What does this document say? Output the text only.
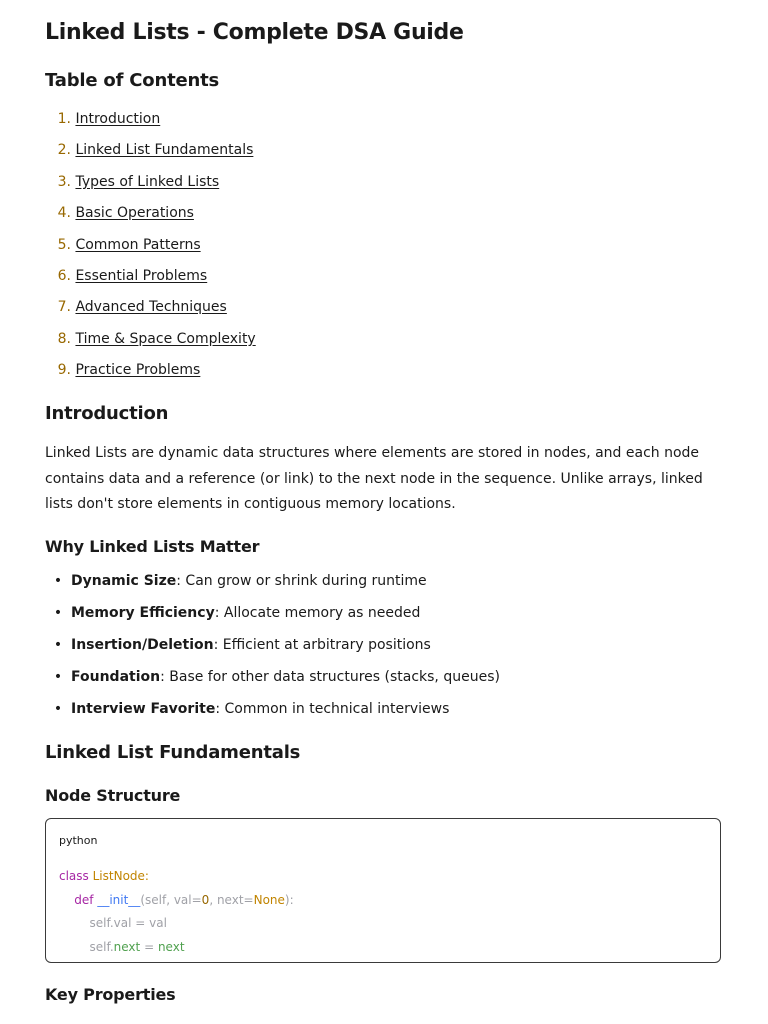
Linked Lists - Complete DSA Guide
Table of Contents
1. Introduction
2. Linked List Fundamentals
3. Types of Linked Lists
4. Basic Operations
5. Common Patterns
6. Essential Problems
7. Advanced Techniques
8. Time & Space Complexity
9. Practice Problems
Introduction

Linked Lists are dynamic data structures where elements are stored in nodes, and each node contains data and a reference (or link) to the next node in the sequence. Unlike arrays, linked lists don't store elements in contiguous memory locations.

Why Linked Lists Matter
• Dynamic Size: Can grow or shrink during runtime
• Memory Efficiency: Allocate memory as needed
• Insertion/Deletion: Efficient at arbitrary positions
• Foundation: Base for other data structures (stacks, queues)
• Interview Favorite: Common in technical interviews
Linked List Fundamentals
Node Structure
python
class ListNode:
def __init__(self, val=0, next=None):
self.val = val
self.next = next
Key Properties
